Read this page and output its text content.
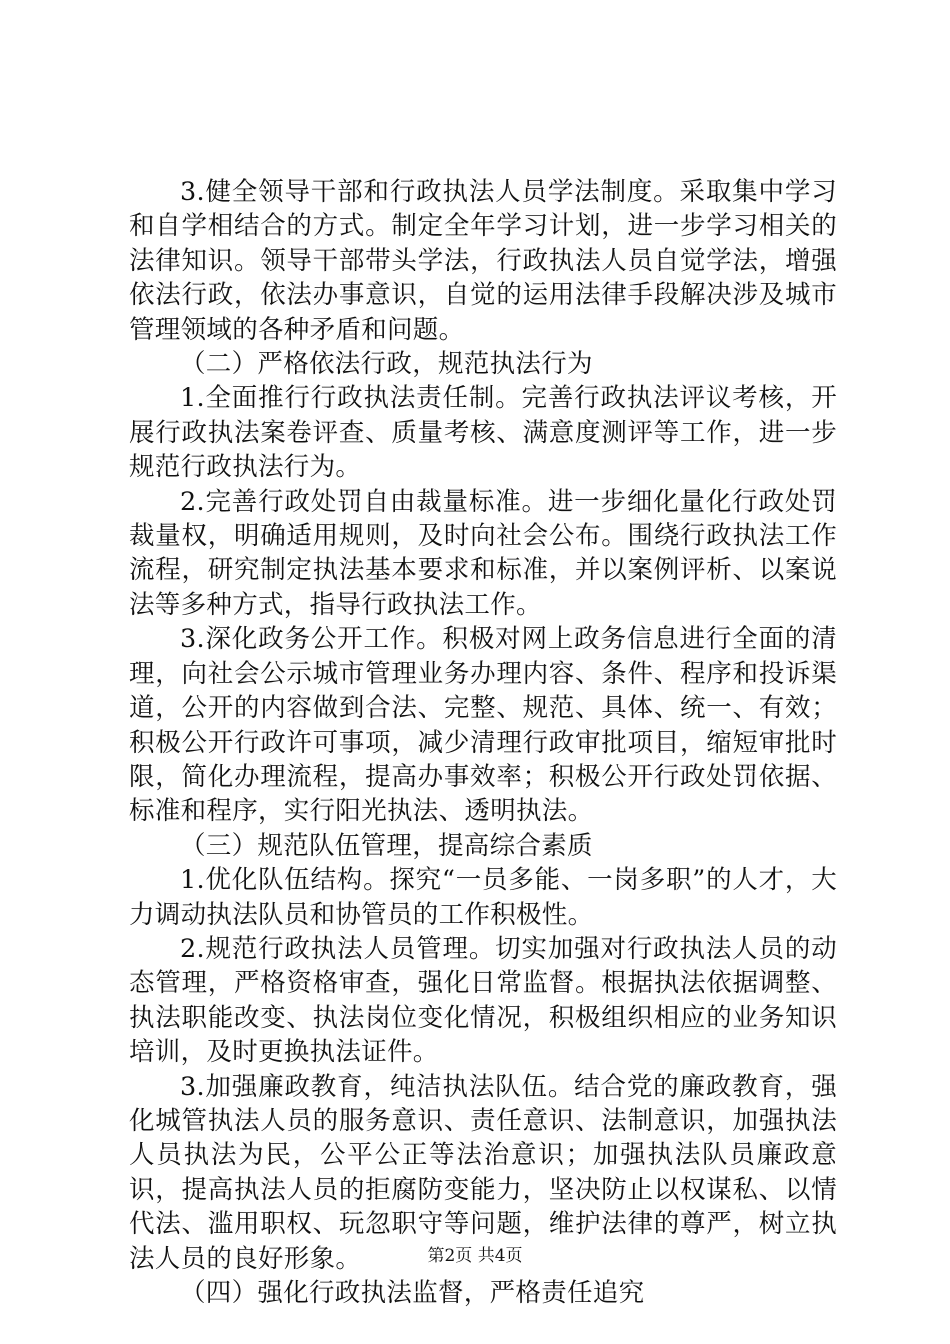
3.健全领导干部和行政执法人员学法制度。采取集中学习和自学相结合的方式。制定全年学习计划，进一步学习相关的法律知识。领导干部带头学法，行政执法人员自觉学法，增强依法行政，依法办事意识，自觉的运用法律手段解决涉及城市管理领域的各种矛盾和问题。

（二）严格依法行政，规范执法行为

1.全面推行行政执法责任制。完善行政执法评议考核，开展行政执法案卷评查、质量考核、满意度测评等工作，进一步规范行政执法行为。

2.完善行政处罚自由裁量标准。进一步细化量化行政处罚裁量权，明确适用规则，及时向社会公布。围绕行政执法工作流程，研究制定执法基本要求和标准，并以案例评析、以案说法等多种方式，指导行政执法工作。

3.深化政务公开工作。积极对网上政务信息进行全面的清理，向社会公示城市管理业务办理内容、条件、程序和投诉渠道，公开的内容做到合法、完整、规范、具体、统一、有效；积极公开行政许可事项，减少清理行政审批项目，缩短审批时限，简化办理流程，提高办事效率；积极公开行政处罚依据、标准和程序，实行阳光执法、透明执法。

（三）规范队伍管理，提高综合素质

1.优化队伍结构。探究“一员多能、一岗多职”的人才，大力调动执法队员和协管员的工作积极性。

2.规范行政执法人员管理。切实加强对行政执法人员的动态管理，严格资格审查，强化日常监督。根据执法依据调整、执法职能改变、执法岗位变化情况，积极组织相应的业务知识培训，及时更换执法证件。

3.加强廉政教育，纯洁执法队伍。结合党的廉政教育，强化城管执法人员的服务意识、责任意识、法制意识，加强执法人员执法为民，公平公正等法治意识；加强执法队员廉政意识，提高执法人员的拒腐防变能力，坚决防止以权谋私、以情代法、滥用职权、玩忽职守等问题，维护法律的尊严，树立执法人员的良好形象。

（四）强化行政执法监督，严格责任追究

第2页 共4页
